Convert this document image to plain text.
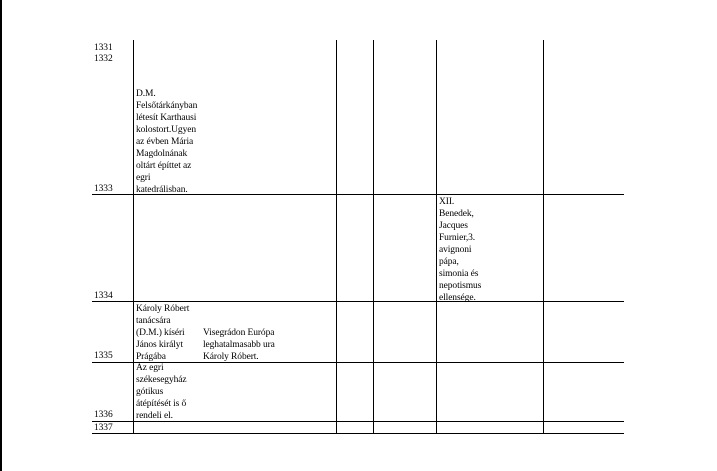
1331
1332
1333
1334
1335
1336
1337
D.M.
Felsőtárkányban
létesít Karthausi
kolostort.Ugyen
az évben Mária
Magdolnának
oltárt építtet az
egri
katedrálisban.
XII.
Benedek,
Jacques
Furnier,3.
avignoni
pápa,
simonia és
nepotismus
ellensége.
Károly Róbert
tanácsára
(D.M.) kíséri
János királyt
Prágába
Visegrádon Európa
leghatalmasabb ura
Károly Róbert.
Az egri
székesegyház
gótikus
átépítését is ő
rendeli el.
